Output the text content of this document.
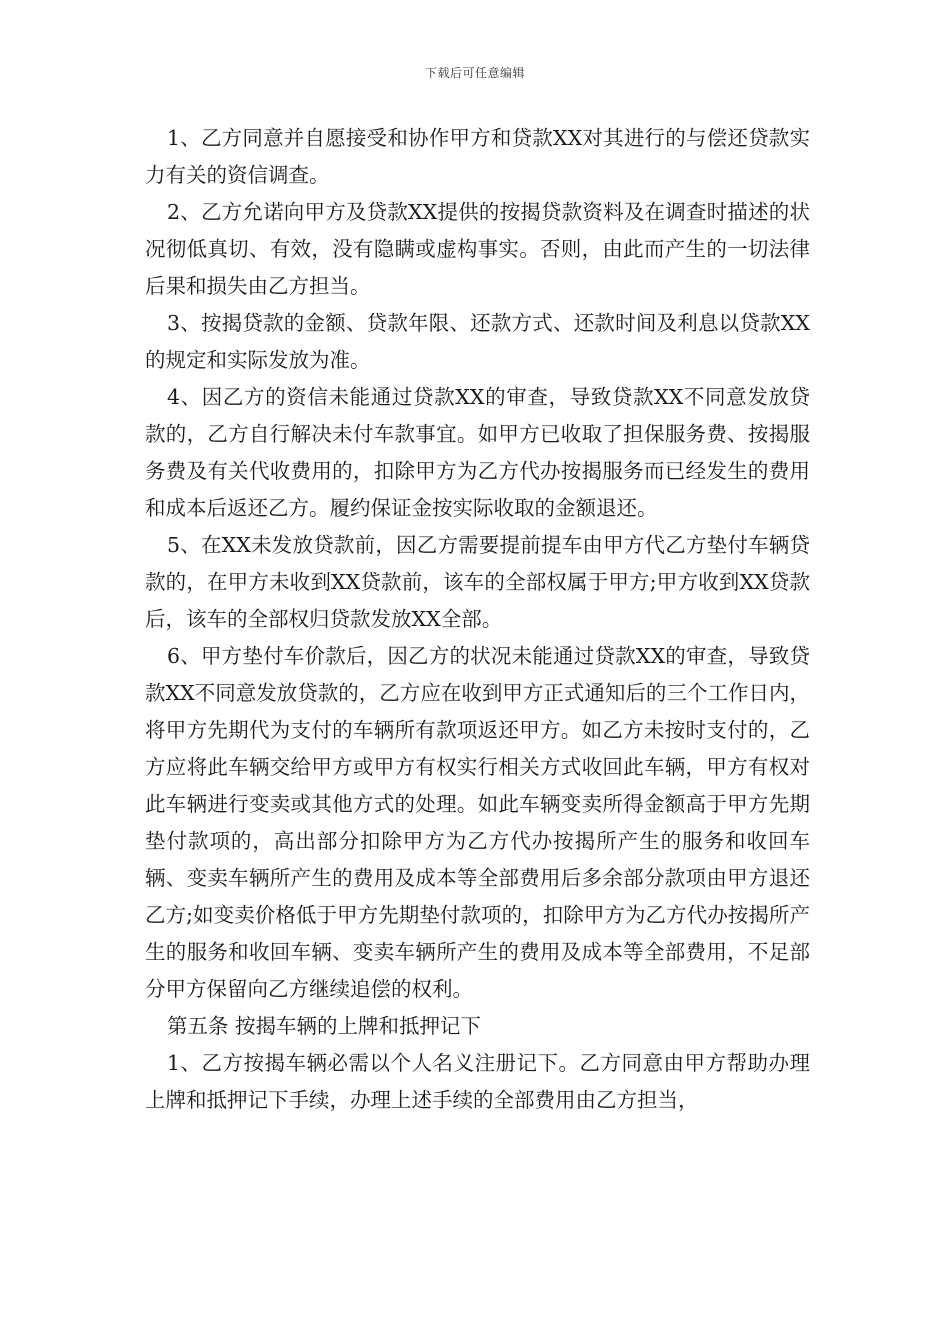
下载后可任意编辑

1、乙方同意并自愿接受和协作甲方和贷款XX对其进行的与偿还贷款实力有关的资信调查。

2、乙方允诺向甲方及贷款XX提供的按揭贷款资料及在调查时描述的状况彻低真切、有效，没有隐瞒或虚构事实。否则，由此而产生的一切法律后果和损失由乙方担当。

3、按揭贷款的金额、贷款年限、还款方式、还款时间及利息以贷款XX的规定和实际发放为准。

4、因乙方的资信未能通过贷款XX的审查，导致贷款XX不同意发放贷款的，乙方自行解决未付车款事宜。如甲方已收取了担保服务费、按揭服务费及有关代收费用的，扣除甲方为乙方代办按揭服务而已经发生的费用和成本后返还乙方。履约保证金按实际收取的金额退还。

5、在XX未发放贷款前，因乙方需要提前提车由甲方代乙方垫付车辆贷款的，在甲方未收到XX贷款前，该车的全部权属于甲方;甲方收到XX贷款后，该车的全部权归贷款发放XX全部。

6、甲方垫付车价款后，因乙方的状况未能通过贷款XX的审查，导致贷款XX不同意发放贷款的，乙方应在收到甲方正式通知后的三个工作日内，将甲方先期代为支付的车辆所有款项返还甲方。如乙方未按时支付的，乙方应将此车辆交给甲方或甲方有权实行相关方式收回此车辆，甲方有权对此车辆进行变卖或其他方式的处理。如此车辆变卖所得金额高于甲方先期垫付款项的，高出部分扣除甲方为乙方代办按揭所产生的服务和收回车辆、变卖车辆所产生的费用及成本等全部费用后多余部分款项由甲方退还乙方;如变卖价格低于甲方先期垫付款项的，扣除甲方为乙方代办按揭所产生的服务和收回车辆、变卖车辆所产生的费用及成本等全部费用，不足部分甲方保留向乙方继续追偿的权利。

第五条 按揭车辆的上牌和抵押记下

1、乙方按揭车辆必需以个人名义注册记下。乙方同意由甲方帮助办理上牌和抵押记下手续，办理上述手续的全部费用由乙方担当，
